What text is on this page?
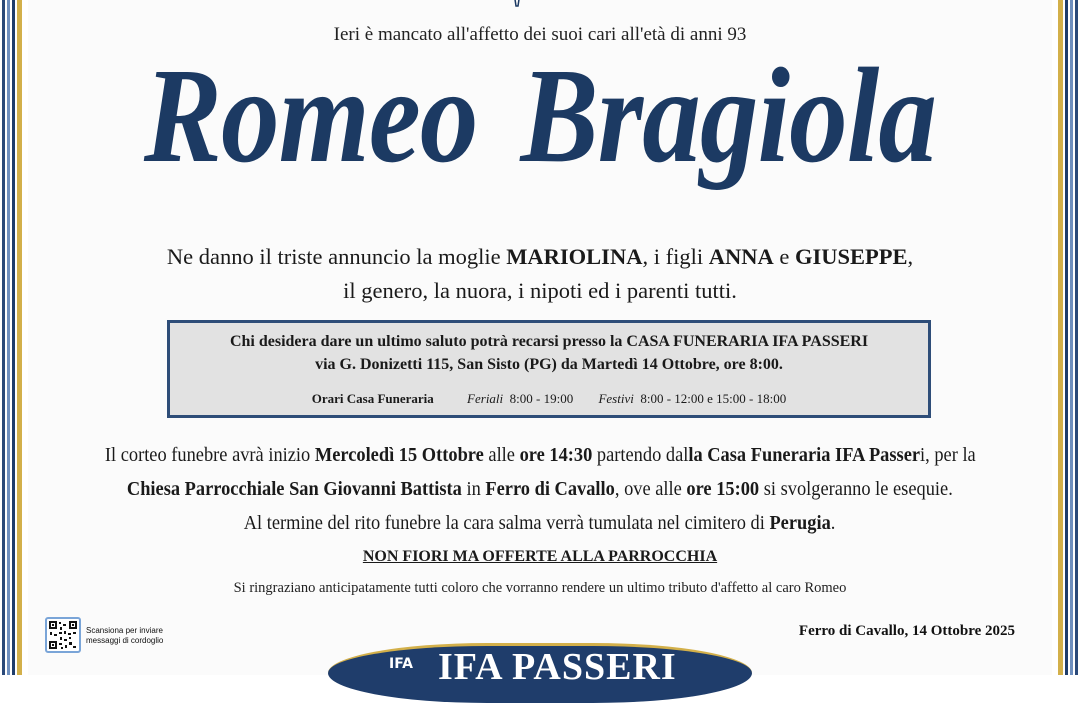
Ieri è mancato all'affetto dei suoi cari all'età di anni 93
Romeo Bragiola
Ne danno il triste annuncio la moglie MARIOLINA, i figli ANNA e GIUSEPPE,
il genero, la nuora, i nipoti ed i parenti tutti.
Chi desidera dare un ultimo saluto potrà recarsi presso la CASA FUNERARIA IFA PASSERI
via G. Donizetti 115, San Sisto (PG) da Martedì 14 Ottobre, ore 8:00.
Orari Casa Funeraria	Feriali 8:00 - 19:00 Festivi 8:00 - 12:00 e 15:00 - 18:00
Il corteo funebre avrà inizio Mercoledì 15 Ottobre alle ore 14:30 partendo dalla Casa Funeraria IFA Passeri, per la
Chiesa Parrocchiale San Giovanni Battista in Ferro di Cavallo, ove alle ore 15:00 si svolgeranno le esequie.
Al termine del rito funebre la cara salma verrà tumulata nel cimitero di Perugia.
NON FIORI MA OFFERTE ALLA PARROCCHIA
Si ringraziano anticipatamente tutti coloro che vorranno rendere un ultimo tributo d'affetto al caro Romeo
Scansiona per inviare
messaggi di cordoglio
Ferro di Cavallo, 14 Ottobre 2025
IFA IFA PASSERI
